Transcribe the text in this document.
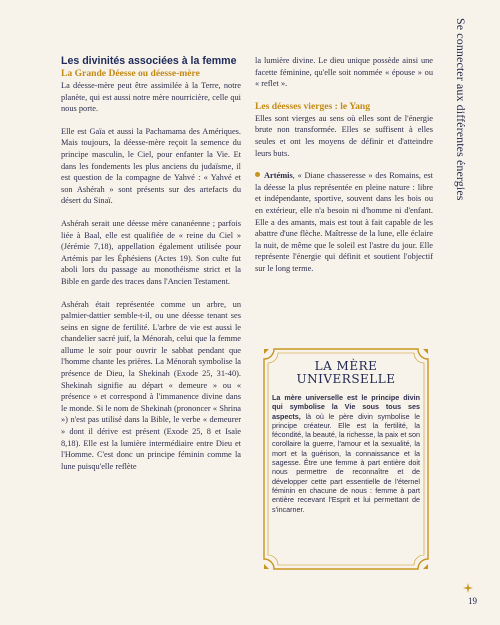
Se connecter aux différentes énergies
Les divinités associées à la femme
La Grande Déesse ou déesse-mère

La déesse-mère peut être assimilée à la Terre, notre planète, qui est aussi notre mère nourricière, celle qui nous porte.

Elle est Gaïa et aussi la Pachamama des Amériques. Mais toujours, la déesse-mère reçoit la semence du principe masculin, le Ciel, pour enfanter la Vie. Et dans les fondements les plus anciens du judaïsme, il est question de la compagne de Yahvé : « Yahvé et son Ashérah » sont présents sur des artefacts du désert du Sinaï.

Ashérah serait une déesse mère cananéenne ; parfois liée à Baal, elle est qualifiée de « reine du Ciel » (Jérémie 7,18), appellation également utilisée pour Artémis par les Éphésiens (Actes 19). Son culte fut aboli lors du passage au monothéisme strict et la Bible en garde des traces dans l'Ancien Testament.

Ashérah était représentée comme un arbre, un palmier-dattier semble-t-il, ou une déesse tenant ses seins en signe de fertilité. L'arbre de vie est aussi le chandelier sacré juif, la Ménorah, celui que la femme allume le soir pour ouvrir le sabbat pendant que l'homme chante les prières. La Ménorah symbolise la présence de Dieu, la Shekinah (Exode 25, 31-40). Shekinah signifie au départ « demeure » ou « présence » et correspond à l'immanence divine dans le monde. Si le nom de Shekinah (prononcer « Shrina ») n'est pas utilisé dans la Bible, le verbe « demeurer » dont il dérive est présent (Exode 25, 8 et Isaïe 8,18). Elle est la lumière intermédiaire entre Dieu et l'Homme. C'est donc un principe féminin comme la lune puisqu'elle reflète

la lumière divine. Le dieu unique possède ainsi une facette féminine, qu'elle soit nommée « épouse » ou « reflet ».

Les déesses vierges : le Yang

Elles sont vierges au sens où elles sont de l'énergie brute non transformée. Elles se suffisent à elles seules et ont les moyens de définir et d'atteindre leurs buts.

Artémis, « Diane chasseresse » des Romains, est la déesse la plus représentée en pleine nature : libre et indépendante, sportive, souvent dans les bois ou en extérieur, elle n'a besoin ni d'homme ni d'enfant. Elle a des amants, mais est tout à fait capable de les abattre d'une flèche. Maîtresse de la lune, elle éclaire la nuit, de même que le soleil est l'astre du jour. Elle représente l'énergie qui définit et soutient l'objectif sur le long terme.

LA MÈRE
UNIVERSELLE
La mère universelle est le principe divin qui symbolise la Vie sous tous ses aspects, là où le père divin symbolise le principe créateur. Elle est la fertilité, la fécondité, la beauté, la richesse, la paix et son corollaire la guerre, l'amour et la sexualité, la mort et la guérison, la connaissance et la sagesse. Être une femme à part entière doit nous permettre de reconnaître et de développer cette part essentielle de l'éternel féminin en chacune de nous : femme à part entière recevant l'Esprit et lui permettant de s'incarner.
19
